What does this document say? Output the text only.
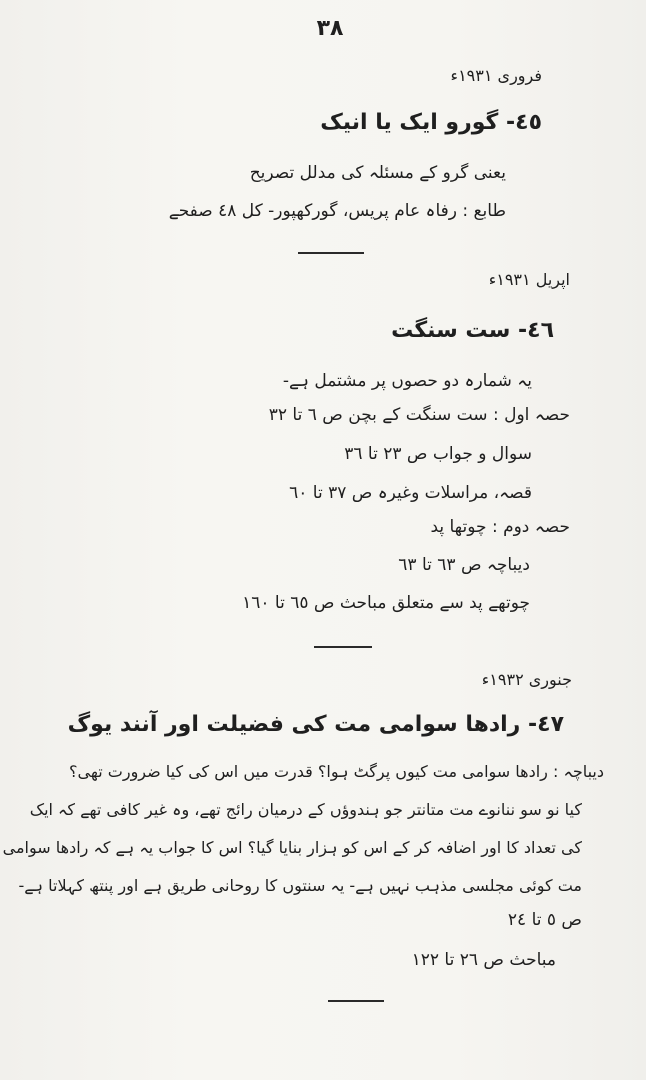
٣٨
فروری ١٩٣١ء
٤٥- گورو ایک یا انیک
یعنی گرو کے مسئلہ کی مدلل تصریح
طابع : رفاہ عام پریس، گورکھپور- کل ٤٨ صفحے
اپریل ١٩٣١ء
٤٦- ست سنگت
یہ شمارہ دو حصوں پر مشتمل ہے-
حصہ اول : ست سنگت کے بچن ص ٦ تا ٣٢
سوال و جواب ص ٢٣ تا ٣٦
قصہ، مراسلات وغیرہ ص ٣٧ تا ٦٠
حصہ دوم : چوتھا پد
دیباچہ ص ٦٣ تا ٦٣
چوتھے پد سے متعلق مباحث ص ٦٥ تا ١٦٠
جنوری ١٩٣٢ء
٤٧- رادھا سوامی مت کی فضیلت اور آنند یوگ
دیباچہ : رادھا سوامی مت کیوں پرگٹ ہوا؟ قدرت میں اس کی کیا ضرورت تھی؟
کیا نو سو ننانوے مت متانتر جو ہندوؤں کے درمیان رائج تھے، وہ غیر کافی تھے کہ ایک
کی تعداد کا اور اضافہ کر کے اس کو ہزار بنایا گیا؟ اس کا جواب یہ ہے کہ رادھا سوامی
مت کوئی مجلسی مذہب نہیں ہے- یہ سنتوں کا روحانی طریق ہے اور پنتھ کہلاتا ہے-
ص ٥ تا ٢٤
مباحث ص ٢٦ تا ١٢٢
